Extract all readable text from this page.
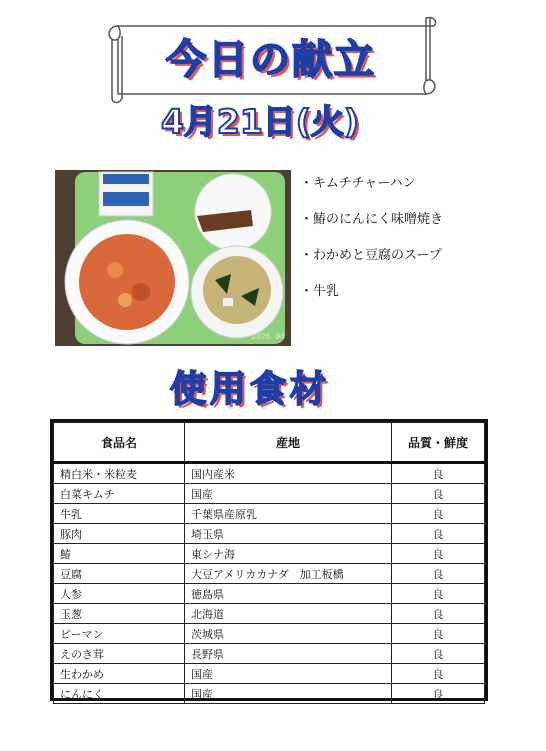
今日の献立
4月21日(火)
2026 04
・ キムチチャーハン
・ 鰆のにんにく味噌焼き
・ わかめと豆腐のスープ
・ 牛乳
使用食材
食品名	産地	品質・鮮度
精白米・米粒麦	国内産米	良
白菜キムチ	国産	良
牛乳	千葉県産原乳	良
豚肉	埼玉県	良
鰆	東シナ海	良
豆腐	大豆アメリカカナダ　加工板橋	良
人参	徳島県	良
玉葱	北海道	良
ピーマン	茨城県	良
えのき茸	長野県	良
生わかめ	国産	良
にんにく	国産	良
